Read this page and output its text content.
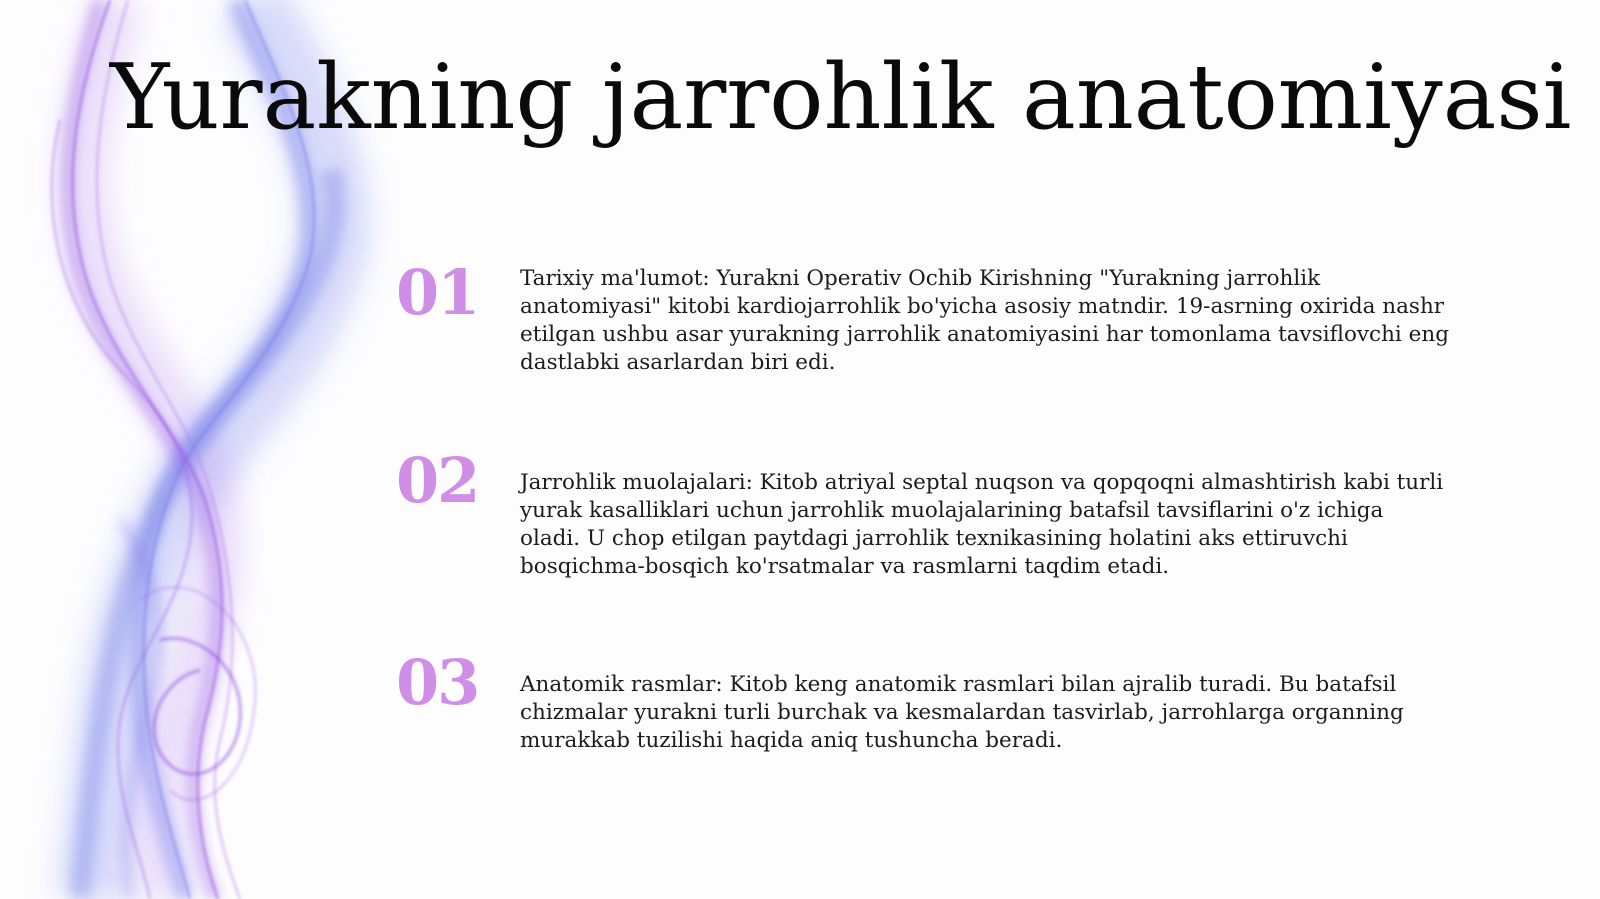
Yurakning jarrohlik anatomiyasi
01 Tarixiy ma'lumot: Yurakni Operativ Ochib Kirishning "Yurakning jarrohlik anatomiyasi" kitobi kardiojarrohlik bo'yicha asosiy matndir. 19-asrning oxirida nashr etilgan ushbu asar yurakning jarrohlik anatomiyasini har tomonlama tavsiflovchi eng dastlabki asarlardan biri edi.

02 Jarrohlik muolajalari: Kitob atriyal septal nuqson va qopqoqni almashtirish kabi turli yurak kasalliklari uchun jarrohlik muolajalarining batafsil tavsiflarini o'z ichiga oladi. U chop etilgan paytdagi jarrohlik texnikasining holatini aks ettiruvchi bosqichma-bosqich ko'rsatmalar va rasmlarni taqdim etadi.

03 Anatomik rasmlar: Kitob keng anatomik rasmlari bilan ajralib turadi. Bu batafsil chizmalar yurakni turli burchak va kesmalardan tasvirlab, jarrohlarga organning murakkab tuzilishi haqida aniq tushuncha beradi.
